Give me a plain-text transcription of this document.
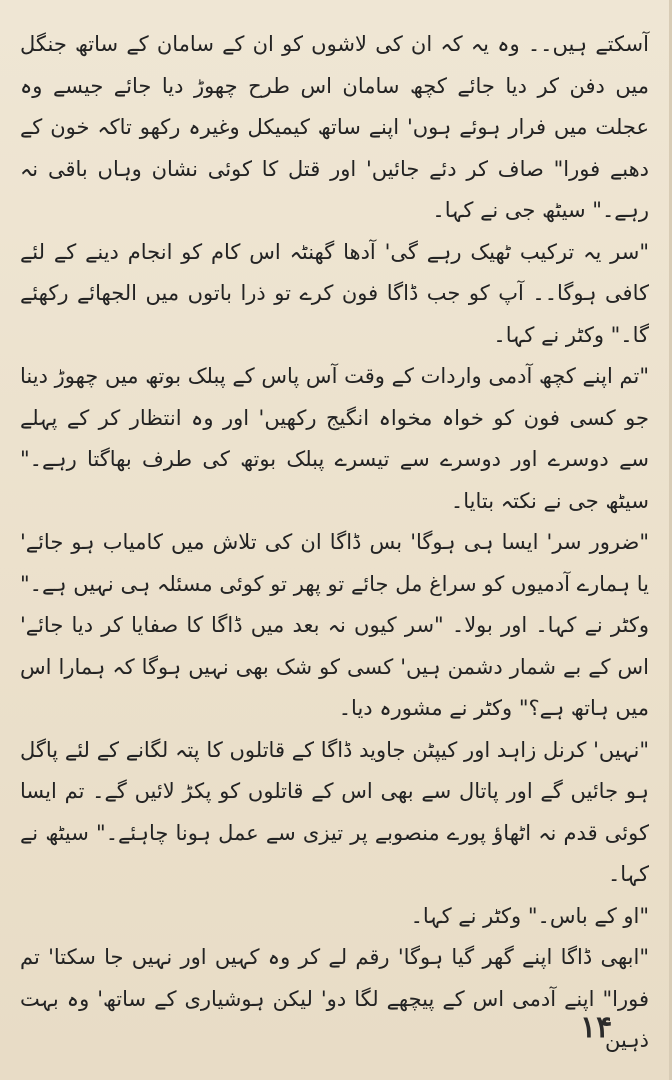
آسکتے ہیں۔۔ وہ یہ کہ ان کی لاشوں کو ان کے سامان کے ساتھ جنگل میں دفن کر دیا جائے کچھ سامان اس طرح چھوڑ دیا جائے جیسے وہ عجلت میں فرار ہوئے ہوں' اپنے ساتھ کیمیکل وغیرہ رکھو تاکہ خون کے دھبے فورا" صاف کر دئے جائیں' اور قتل کا کوئی نشان وہاں باقی نہ رہے۔" سیٹھ جی نے کہا۔

"سر یہ ترکیب ٹھیک رہے گی' آدھا گھنٹہ اس کام کو انجام دینے کے لئے کافی ہوگا۔۔ آپ کو جب ڈاگا فون کرے تو ذرا باتوں میں الجھائے رکھئے گا۔" وکٹر نے کہا۔

"تم اپنے کچھ آدمی واردات کے وقت آس پاس کے پبلک بوتھ میں چھوڑ دینا جو کسی فون کو خواہ مخواہ انگیج رکھیں' اور وہ انتظار کر کے پہلے سے دوسرے اور دوسرے سے تیسرے پبلک بوتھ کی طرف بھاگتا رہے۔" سیٹھ جی نے نکتہ بتایا۔

"ضرور سر' ایسا ہی ہوگا' بس ڈاگا ان کی تلاش میں کامیاب ہو جائے' یا ہمارے آدمیوں کو سراغ مل جائے تو پھر تو کوئی مسئلہ ہی نہیں ہے۔" وکٹر نے کہا۔ اور بولا۔ "سر کیوں نہ بعد میں ڈاگا کا صفایا کر دیا جائے' اس کے بے شمار دشمن ہیں' کسی کو شک بھی نہیں ہوگا کہ ہمارا اس میں ہاتھ ہے؟" وکٹر نے مشورہ دیا۔

"نہیں' کرنل زاہد اور کیپٹن جاوید ڈاگا کے قاتلوں کا پتہ لگانے کے لئے پاگل ہو جائیں گے اور پاتال سے بھی اس کے قاتلوں کو پکڑ لائیں گے۔ تم ایسا کوئی قدم نہ اٹھاؤ پورے منصوبے پر تیزی سے عمل ہونا چاہئے۔" سیٹھ نے کہا۔

"او کے باس۔" وکٹر نے کہا۔

"ابھی ڈاگا اپنے گھر گیا ہوگا' رقم لے کر وہ کہیں اور نہیں جا سکتا' تم فورا" اپنے آدمی اس کے پیچھے لگا دو' لیکن ہوشیاری کے ساتھ' وہ بہت ذہین

۱۴
